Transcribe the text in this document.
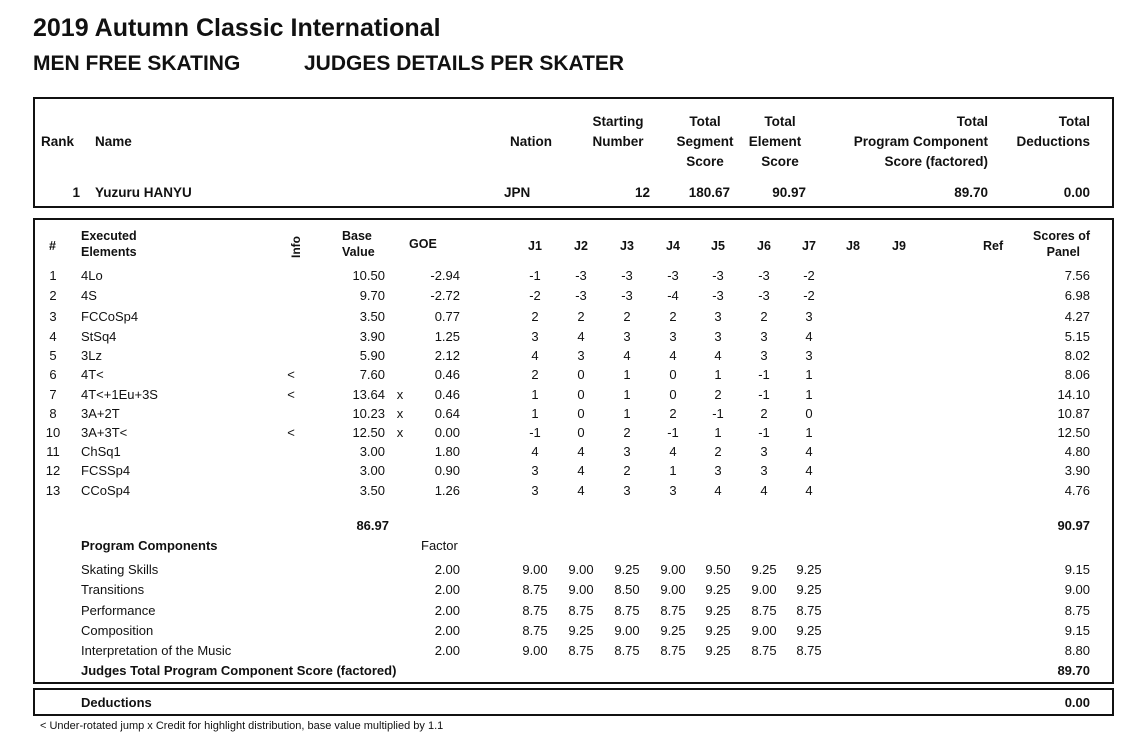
2019 Autumn Classic International
MEN FREE SKATING	JUDGES DETAILS PER SKATER
Rank Name	Nation
Starting
Number
Total
Segment
Score
Total
Element
Score
Total
Program Component
Score (factored)
Total
Deductions
1 Yuzuru HANYU	JPN	12	180.67	90.97	89.70	0.00
#
Executed
Elements	Info	Base
Value
GOE	J1	J2	J3	J4	J5	J6	J7	J8	J9	Ref
Scores of
Panel
1	4Lo	10.50	-2.94	-1	-3	-3	-3	-3	-3	-2	7.56
2	4S	9.70	-2.72	-2	-3	-3	-4	-3	-3	-2	6.98
3	FCCoSp4	3.50	0.77	2	2	2	2	3	2	3	4.27
4	StSq4	3.90	1.25	3	4	3	3	3	3	4	5.15
5	3Lz	5.90	2.12	4	3	4	4	4	3	3	8.02
6	4T<	<	7.60	0.46	2	0	1	0	1	-1	1	8.06
7	4T<+1Eu+3S	<	13.64 x	0.46	1	0	1	0	2	-1	1	14.10
8	3A+2T	10.23 x	0.64	1	0	1	2	-1	2	0	10.87
10 3A+3T<	<	12.50 x	0.00	-1	0	2	-1	1	-1	1	12.50
11 ChSq1	3.00	1.80	4	4	3	4	2	3	4	4.80
12 FCSSp4	3.00	0.90	3	4	2	1	3	3	4	3.90
13 CCoSp4	3.50	1.26	3	4	3	3	4	4	4	4.76
86.97	90.97
Program Components	Factor
Skating Skills	2.00	9.00	9.00	9.25	9.00	9.50	9.25	9.25	9.15
Transitions	2.00	8.75	9.00	8.50	9.00	9.25	9.00	9.25	9.00
Performance	2.00	8.75	8.75	8.75	8.75	9.25	8.75	8.75	8.75
Composition	2.00	8.75	9.25	9.00	9.25	9.25	9.00	9.25	9.15
Interpretation of the Music	2.00	9.00	8.75	8.75	8.75	9.25	8.75	8.75	8.80
Judges Total Program Component Score (factored)	89.70
Deductions	0.00
< Under-rotated jump x Credit for highlight distribution, base value multiplied by 1.1
